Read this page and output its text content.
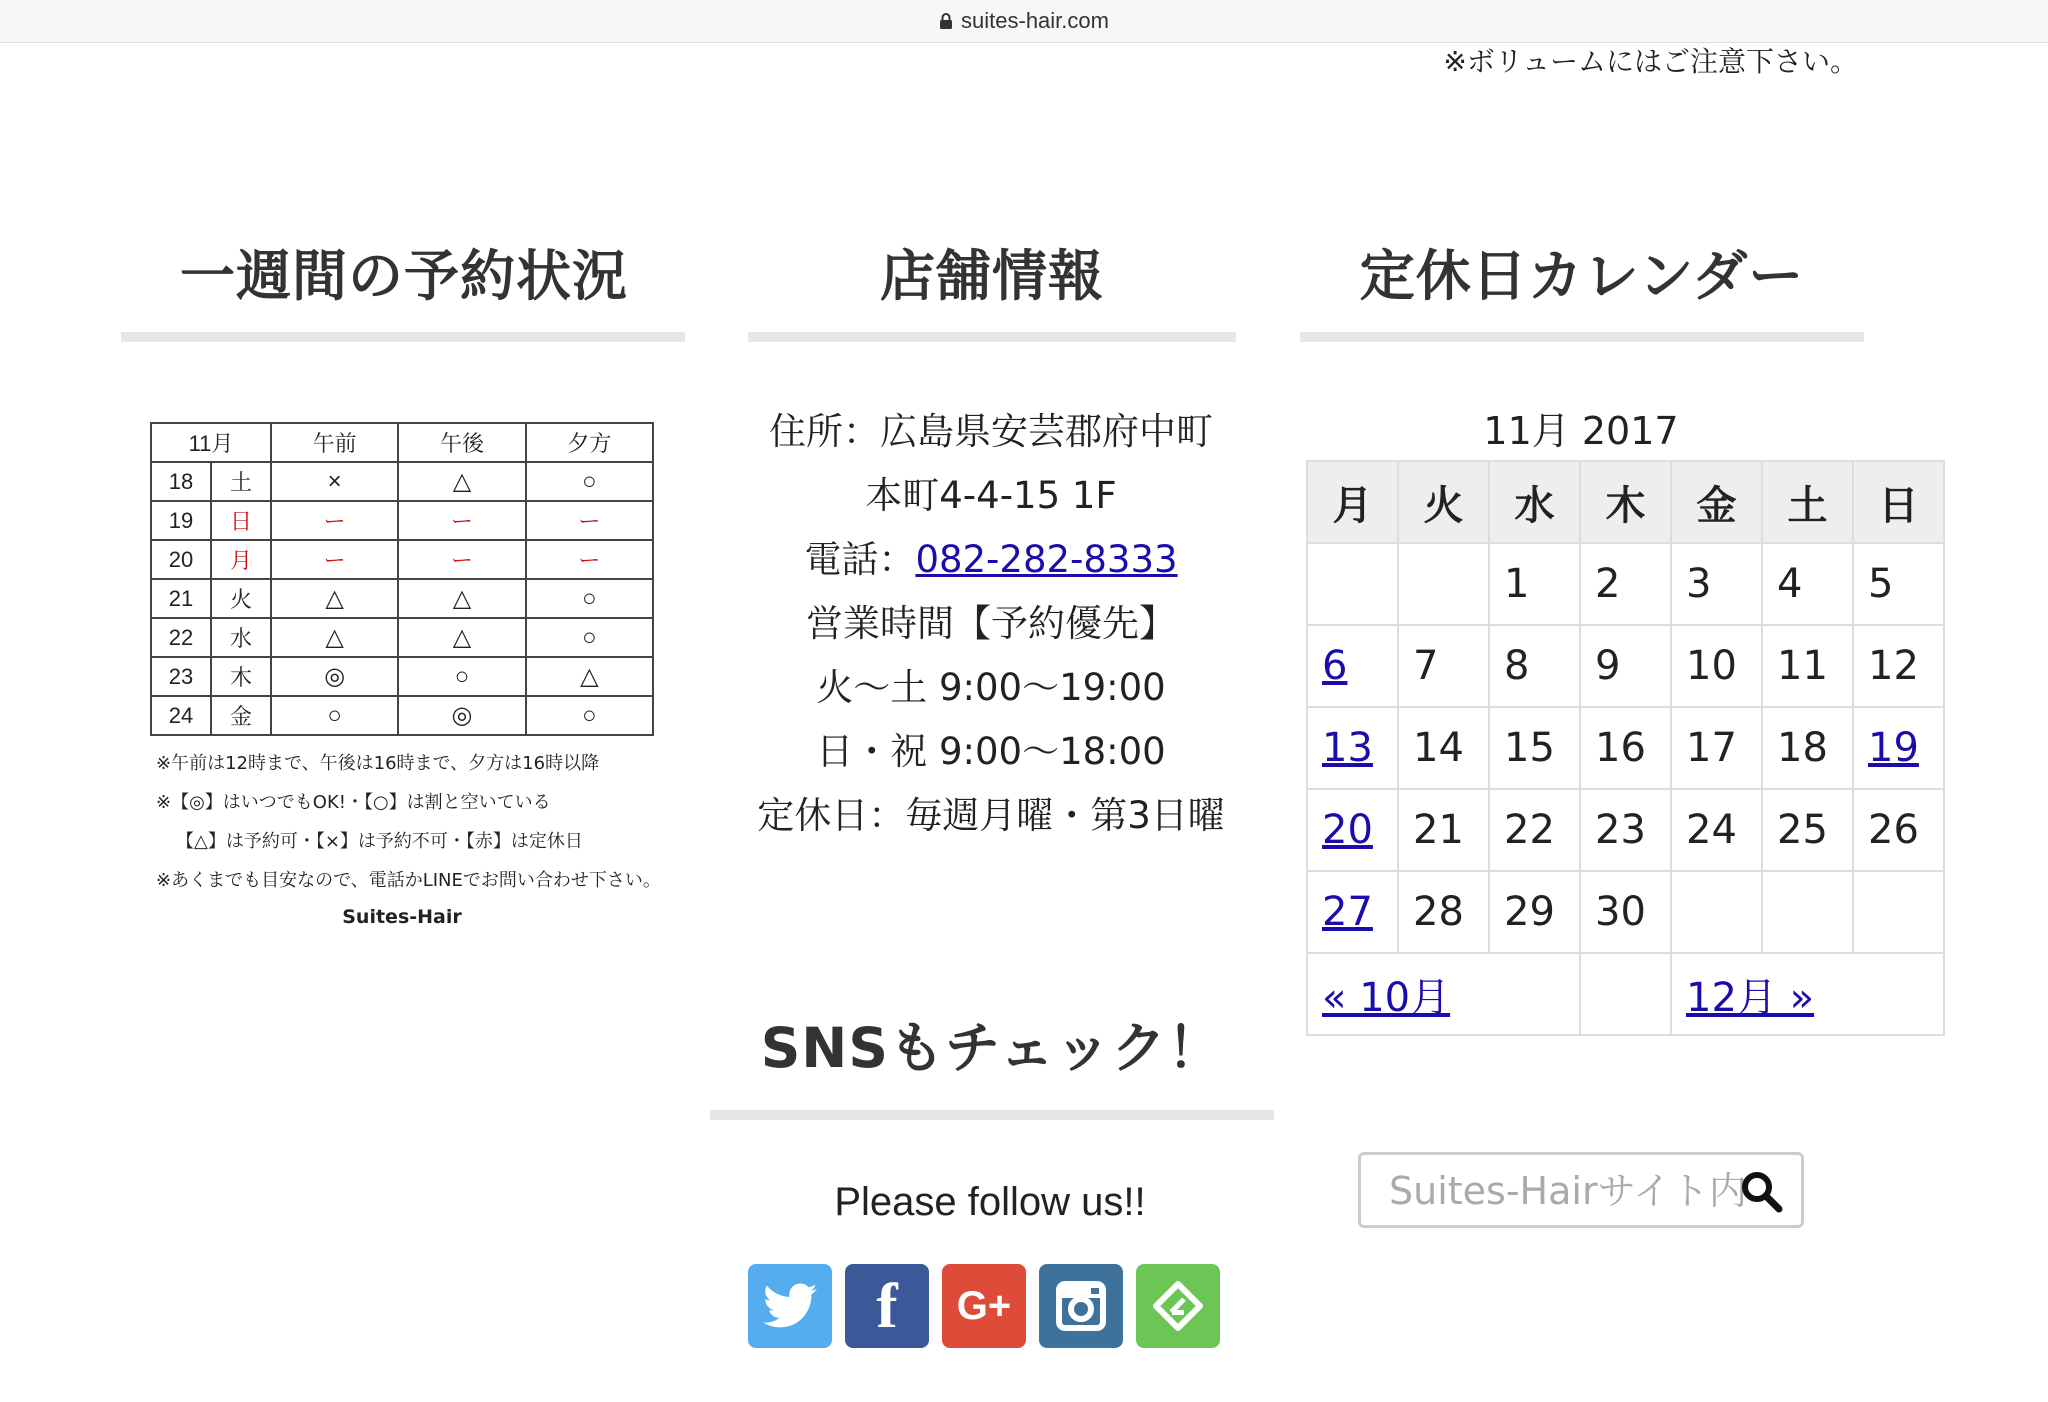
suites-hair.com
※ボリュームにはご注意下さい。
一週間の予約状況	店舗情報	定休日カレンダー
11月		午前	午後	夕方
18	土	×	△	○
19	日	ー	ー	ー
20	月	ー	ー	ー
21	火	△	△	○
22	水	△	△	○
23	木	◎	○	△
24	金	○	◎	○
※午前は12時まで、午後は16時まで、夕方は16時以降
※【◎】はいつでもOK!・【○】は割と空いている
【△】は予約可・【×】は予約不可・【赤】は定休日
※あくまでも目安なので、電話かLINEでお問い合わせ下さい。
Suites-Hair
住所：広島県安芸郡府中町
本町4-4-15 1F
電話：082-282-8333
営業時間【予約優先】
火～土 9:00～19:00
日・祝 9:00～18:00
定休日：毎週月曜・第3日曜
11月 2017
月	火	水	木	金	土	日
		1	2	3	4	5
6	7	8	9	10	11	12
13	14	15	16	17	18	19
20	21	22	23	24	25	26
27	28	29	30			
« 10月				12月 »		
SNSもチェック！
Please follow us!!
f G+
Suites-Hairサイト内
